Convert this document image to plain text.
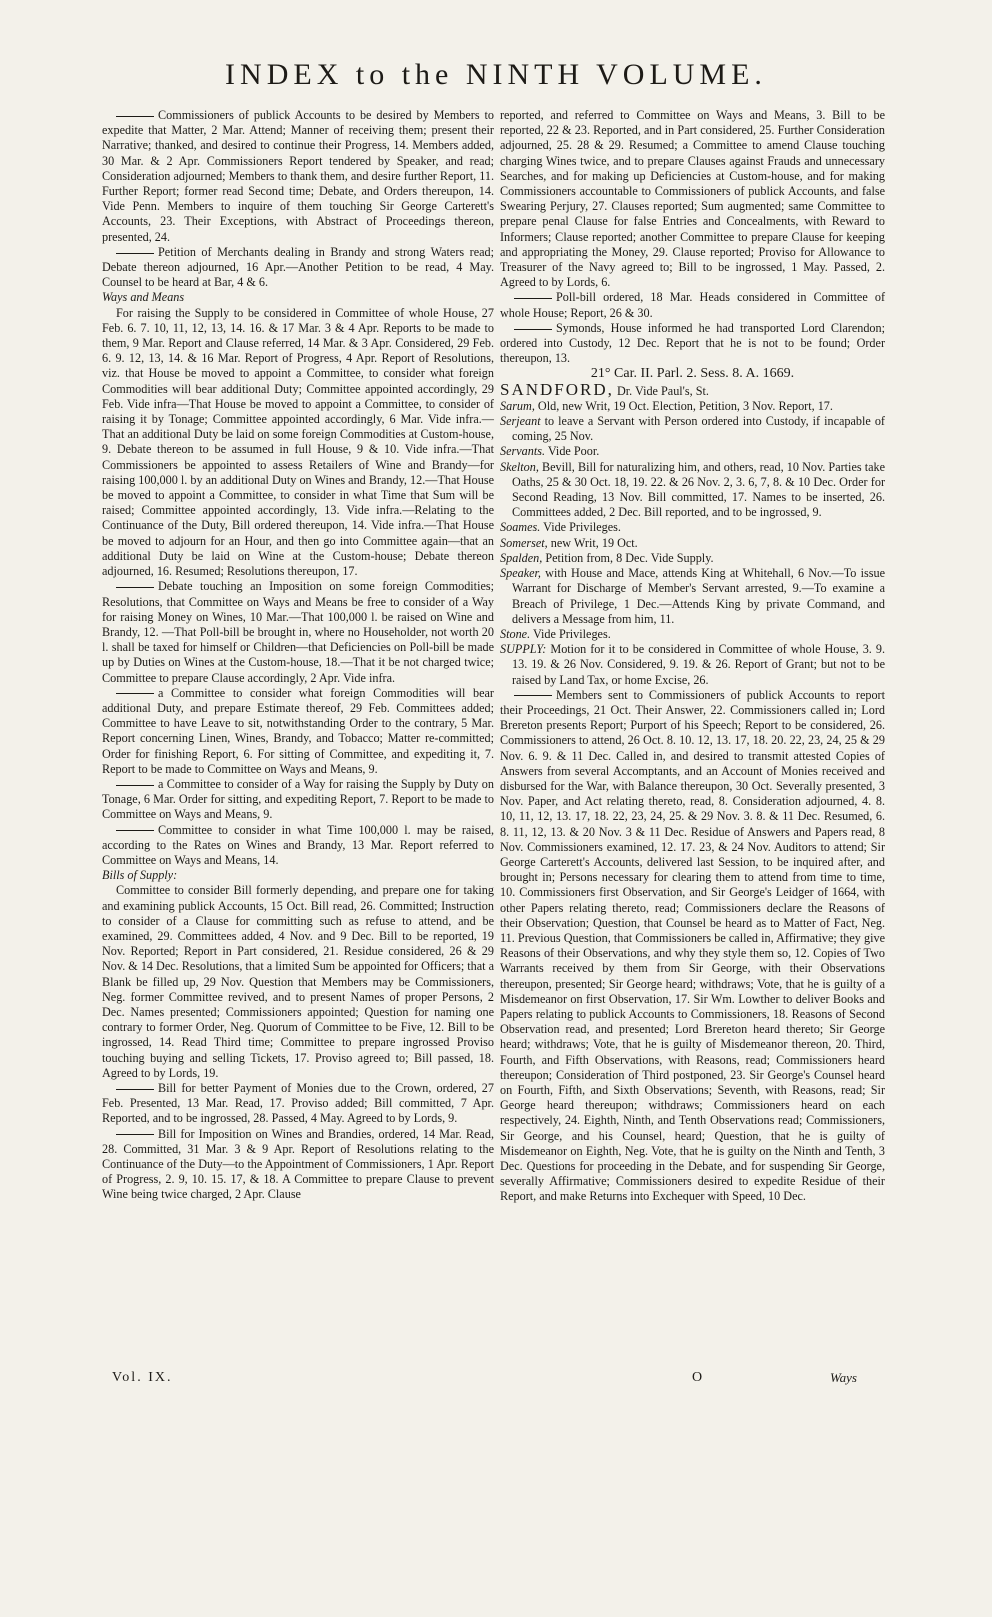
INDEX to the NINTH VOLUME.

Commissioners of publick Accounts to be desired by Members to expedite that Matter, 2 Mar. Attend; Manner of receiving them; present their Narrative; thanked, and desired to continue their Progress, 14. Members added, 30 Mar. & 2 Apr. Commissioners Report tendered by Speaker, and read; Consideration adjourned; Members to thank them, and desire further Report, 11. Further Report; former read Second time; Debate, and Orders thereupon, 14. Vide Penn. Members to inquire of them touching Sir George Carterett's Accounts, 23. Their Exceptions, with Abstract of Proceedings thereon, presented, 24.

Petition of Merchants dealing in Brandy and strong Waters read; Debate thereon adjourned, 16 Apr.—Another Petition to be read, 4 May. Counsel to be heard at Bar, 4 & 6.

Ways and Means

For raising the Supply to be considered in Committee of whole House, 27 Feb. 6. 7. 10, 11, 12, 13, 14. 16. & 17 Mar. 3 & 4 Apr. Reports to be made to them, 9 Mar. Report and Clause referred, 14 Mar. & 3 Apr. Considered, 29 Feb. 6. 9. 12, 13, 14. & 16 Mar. Report of Progress, 4 Apr. Report of Resolutions, viz. that House be moved to appoint a Committee, to consider what foreign Commodities will bear additional Duty; Committee appointed accordingly, 29 Feb. Vide infra—That House be moved to appoint a Committee, to consider of raising it by Tonage; Committee appointed accordingly, 6 Mar. Vide infra.—That an additional Duty be laid on some foreign Commodities at Custom-house, 9. Debate thereon to be assumed in full House, 9 & 10. Vide infra.—That Commissioners be appointed to assess Retailers of Wine and Brandy—for raising 100,000 l. by an additional Duty on Wines and Brandy, 12.—That House be moved to appoint a Committee, to consider in what Time that Sum will be raised; Committee appointed accordingly, 13. Vide infra.—Relating to the Continuance of the Duty, Bill ordered thereupon, 14. Vide infra.—That House be moved to adjourn for an Hour, and then go into Committee again—that an additional Duty be laid on Wine at the Custom-house; Debate thereon adjourned, 16. Resumed; Resolutions thereupon, 17.

Debate touching an Imposition on some foreign Commodities; Resolutions, that Committee on Ways and Means be free to consider of a Way for raising Money on Wines, 10 Mar.—That 100,000 l. be raised on Wine and Brandy, 12. —That Poll-bill be brought in, where no Householder, not worth 20 l. shall be taxed for himself or Children—that Deficiencies on Poll-bill be made up by Duties on Wines at the Custom-house, 18.—That it be not charged twice; Committee to prepare Clause accordingly, 2 Apr. Vide infra.

a Committee to consider what foreign Commodities will bear additional Duty, and prepare Estimate thereof, 29 Feb. Committees added; Committee to have Leave to sit, notwithstanding Order to the contrary, 5 Mar. Report concerning Linen, Wines, Brandy, and Tobacco; Matter re-committed; Order for finishing Report, 6. For sitting of Committee, and expediting it, 7. Report to be made to Committee on Ways and Means, 9.

a Committee to consider of a Way for raising the Supply by Duty on Tonage, 6 Mar. Order for sitting, and expediting Report, 7. Report to be made to Committee on Ways and Means, 9.

Committee to consider in what Time 100,000 l. may be raised, according to the Rates on Wines and Brandy, 13 Mar. Report referred to Committee on Ways and Means, 14.

Bills of Supply:

Committee to consider Bill formerly depending, and prepare one for taking and examining publick Accounts, 15 Oct. Bill read, 26. Committed; Instruction to consider of a Clause for committing such as refuse to attend, and be examined, 29. Committees added, 4 Nov. and 9 Dec. Bill to be reported, 19 Nov. Reported; Report in Part considered, 21. Residue considered, 26 & 29 Nov. & 14 Dec. Resolutions, that a limited Sum be appointed for Officers; that a Blank be filled up, 29 Nov. Question that Members may be Commissioners, Neg. former Committee revived, and to present Names of proper Persons, 2 Dec. Names presented; Commissioners appointed; Question for naming one contrary to former Order, Neg. Quorum of Committee to be Five, 12. Bill to be ingrossed, 14. Read Third time; Committee to prepare ingrossed Proviso touching buying and selling Tickets, 17. Proviso agreed to; Bill passed, 18. Agreed to by Lords, 19.

Bill for better Payment of Monies due to the Crown, ordered, 27 Feb. Presented, 13 Mar. Read, 17. Proviso added; Bill committed, 7 Apr. Reported, and to be ingrossed, 28. Passed, 4 May. Agreed to by Lords, 9.

Bill for Imposition on Wines and Brandies, ordered, 14 Mar. Read, 28. Committed, 31 Mar. 3 & 9 Apr. Report of Resolutions relating to the Continuance of the Duty—to the Appointment of Commissioners, 1 Apr. Report of Progress, 2. 9, 10. 15. 17, & 18. A Committee to prepare Clause to prevent Wine being twice charged, 2 Apr. Clause

reported, and referred to Committee on Ways and Means, 3. Bill to be reported, 22 & 23. Reported, and in Part considered, 25. Further Consideration adjourned, 25. 28 & 29. Resumed; a Committee to amend Clause touching charging Wines twice, and to prepare Clauses against Frauds and unnecessary Searches, and for making up Deficiencies at Custom-house, and for making Commissioners accountable to Commissioners of publick Accounts, and false Swearing Perjury, 27. Clauses reported; Sum augmented; same Committee to prepare penal Clause for false Entries and Concealments, with Reward to Informers; Clause reported; another Committee to prepare Clause for keeping and appropriating the Money, 29. Clause reported; Proviso for Allowance to Treasurer of the Navy agreed to; Bill to be ingrossed, 1 May. Passed, 2. Agreed to by Lords, 6.

Poll-bill ordered, 18 Mar. Heads considered in Committee of whole House; Report, 26 & 30.

Symonds, House informed he had transported Lord Clarendon; ordered into Custody, 12 Dec. Report that he is not to be found; Order thereupon, 13.

21° Car. II. Parl. 2. Sess. 8. A. 1669.

SANDFORD, Dr. Vide Paul's, St.

Sarum, Old, new Writ, 19 Oct. Election, Petition, 3 Nov. Report, 17.

Serjeant to leave a Servant with Person ordered into Custody, if incapable of coming, 25 Nov.

Servants. Vide Poor.

Skelton, Bevill, Bill for naturalizing him, and others, read, 10 Nov. Parties take Oaths, 25 & 30 Oct. 18, 19. 22. & 26 Nov. 2, 3. 6, 7, 8. & 10 Dec. Order for Second Reading, 13 Nov. Bill committed, 17. Names to be inserted, 26. Committees added, 2 Dec. Bill reported, and to be ingrossed, 9.

Soames. Vide Privileges.

Somerset, new Writ, 19 Oct.

Spalden, Petition from, 8 Dec. Vide Supply.

Speaker, with House and Mace, attends King at Whitehall, 6 Nov.—To issue Warrant for Discharge of Member's Servant arrested, 9.—To examine a Breach of Privilege, 1 Dec.—Attends King by private Command, and delivers a Message from him, 11.

Stone. Vide Privileges.

SUPPLY: Motion for it to be considered in Committee of whole House, 3. 9. 13. 19. & 26 Nov. Considered, 9. 19. & 26. Report of Grant; but not to be raised by Land Tax, or home Excise, 26.

Members sent to Commissioners of publick Accounts to report their Proceedings, 21 Oct. Their Answer, 22. Commissioners called in; Lord Brereton presents Report; Purport of his Speech; Report to be considered, 26. Commissioners to attend, 26 Oct. 8. 10. 12, 13. 17, 18. 20. 22, 23, 24, 25 & 29 Nov. 6. 9. & 11 Dec. Called in, and desired to transmit attested Copies of Answers from several Accomptants, and an Account of Monies received and disbursed for the War, with Balance thereupon, 30 Oct. Severally presented, 3 Nov. Paper, and Act relating thereto, read, 8. Consideration adjourned, 4. 8. 10, 11, 12, 13. 17, 18. 22, 23, 24, 25. & 29 Nov. 3. 8. & 11 Dec. Resumed, 6. 8. 11, 12, 13. & 20 Nov. 3 & 11 Dec. Residue of Answers and Papers read, 8 Nov. Commissioners examined, 12. 17. 23, & 24 Nov. Auditors to attend; Sir George Carterett's Accounts, delivered last Session, to be inquired after, and brought in; Persons necessary for clearing them to attend from time to time, 10. Commissioners first Observation, and Sir George's Leidger of 1664, with other Papers relating thereto, read; Commissioners declare the Reasons of their Observation; Question, that Counsel be heard as to Matter of Fact, Neg. 11. Previous Question, that Commissioners be called in, Affirmative; they give Reasons of their Observations, and why they style them so, 12. Copies of Two Warrants received by them from Sir George, with their Observations thereupon, presented; Sir George heard; withdraws; Vote, that he is guilty of a Misdemeanor on first Observation, 17. Sir Wm. Lowther to deliver Books and Papers relating to publick Accounts to Commissioners, 18. Reasons of Second Observation read, and presented; Lord Brereton heard thereto; Sir George heard; withdraws; Vote, that he is guilty of Misdemeanor thereon, 20. Third, Fourth, and Fifth Observations, with Reasons, read; Commissioners heard thereupon; Consideration of Third postponed, 23. Sir George's Counsel heard on Fourth, Fifth, and Sixth Observations; Seventh, with Reasons, read; Sir George heard thereupon; withdraws; Commissioners heard on each respectively, 24. Eighth, Ninth, and Tenth Observations read; Commissioners, Sir George, and his Counsel, heard; Question, that he is guilty of Misdemeanor on Eighth, Neg. Vote, that he is guilty on the Ninth and Tenth, 3 Dec. Questions for proceeding in the Debate, and for suspending Sir George, severally Affirmative; Commissioners desired to expedite Residue of their Report, and make Returns into Exchequer with Speed, 10 Dec.

Vol. IX.	O	Ways
